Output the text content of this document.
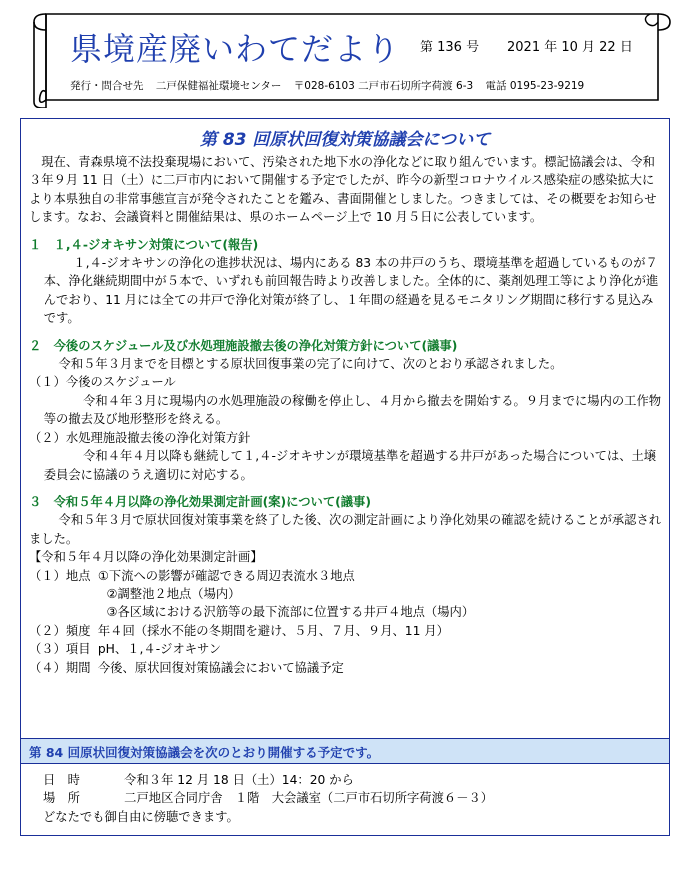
県境産廃いわてだより 第 136 号 2021 年 10 月 22 日
発行・問合せ先 二戸保健福祉環境センター 〒028-6103 二戸市石切所字荷渡 6-3 電話 0195-23-9219
第 83 回原状回復対策協議会について

現在、青森県境不法投棄現場において、汚染された地下水の浄化などに取り組んでいます。標記協議会は、令和３年９月 11 日（土）に二戸市内において開催する予定でしたが、昨今の新型コロナウイルス感染症の感染拡大により本県独自の非常事態宣言が発令されたことを鑑み、書面開催としました。つきましては、その概要をお知らせします。なお、会議資料と開催結果は、県のホームページ上で 10 月５日に公表しています。

１　１,４-ジオキサン対策について(報告)

１,４-ジオキサンの浄化の進捗状況は、場内にある 83 本の井戸のうち、環境基準を超過しているものが７本、浄化継続期間中が５本で、いずれも前回報告時より改善しました。全体的に、薬剤処理工等により浄化が進んでおり、11 月には全ての井戸で浄化対策が終了し、１年間の経過を見るモニタリング期間に移行する見込みです。

２　今後のスケジュール及び水処理施設撤去後の浄化対策方針について(議事)

令和５年３月までを目標とする原状回復事業の完了に向けて、次のとおり承認されました。

（１）今後のスケジュール

令和４年３月に現場内の水処理施設の稼働を停止し、４月から撤去を開始する。９月までに場内の工作物等の撤去及び地形整形を終える。

（２）水処理施設撤去後の浄化対策方針

令和４年４月以降も継続して１,４-ジオキサンが環境基準を超過する井戸があった場合については、土壌委員会に協議のうえ適切に対応する。

３　令和５年４月以降の浄化効果測定計画(案)について(議事)

令和５年３月で原状回復対策事業を終了した後、次の測定計画により浄化効果の確認を続けることが承認されました。

【令和５年４月以降の浄化効果測定計画】

（１）地点 ①下流への影響が確認できる周辺表流水３地点

②調整池２地点（場内）

③各区域における沢筋等の最下流部に位置する井戸４地点（場内）

（２）頻度 年４回（採水不能の冬期間を避け、５月、７月、９月、11 月）

（３）項目 pH、１,４-ジオキサン

（４）期間 今後、原状回復対策協議会において協議予定

第 84 回原状回復対策協議会を次のとおり開催する予定です。
日　時	令和３年 12 月 18 日（土）14：20 から
場　所	二戸地区合同庁舎　１階　大会議室（二戸市石切所字荷渡６－３）
どなたでも御自由に傍聴できます。
